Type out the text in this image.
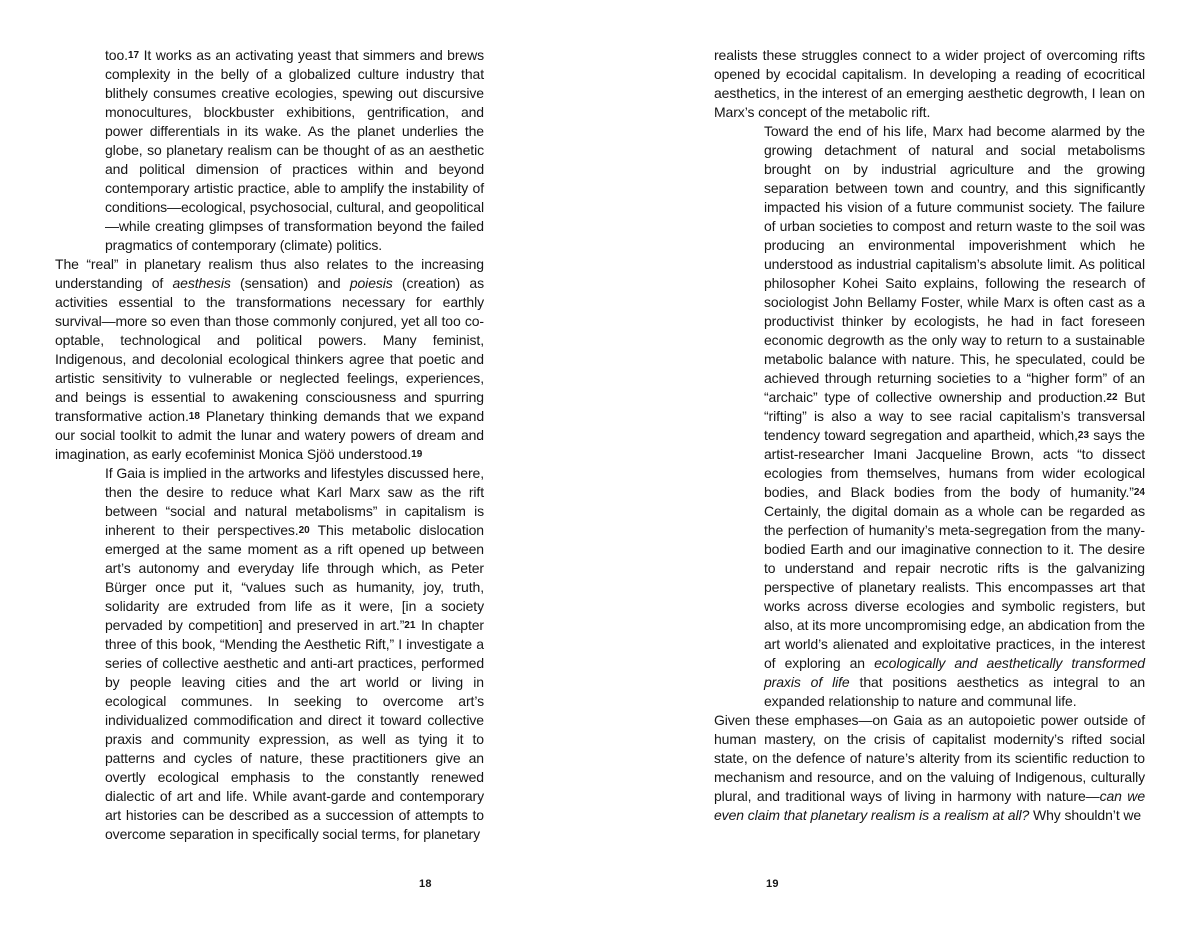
too.$^{17}$ It works as an activating yeast that simmers and brews complexity in the belly of a globalized culture industry that blithely consumes creative ecologies, spewing out discursive monocultures, blockbuster exhibitions, gentrification, and power differentials in its wake. As the planet underlies the globe, so planetary realism can be thought of as an aesthetic and political dimension of practices within and beyond contemporary artistic practice, able to amplify the instability of conditions—ecological, psychosocial, cultural, and geopolitical—while creating glimpses of transformation beyond the failed pragmatics of contemporary (climate) politics.

The “real” in planetary realism thus also relates to the increasing understanding of aesthesis (sensation) and poiesis (creation) as activities essential to the transformations necessary for earthly survival—more so even than those commonly conjured, yet all too co-optable, technological and political powers. Many feminist, Indigenous, and decolonial ecological thinkers agree that poetic and artistic sensitivity to vulnerable or neglected feelings, experiences, and beings is essential to awakening consciousness and spurring transformative action.$^{18}$ Planetary thinking demands that we expand our social toolkit to admit the lunar and watery powers of dream and imagination, as early ecofeminist Monica Sjöö understood.$^{19}$

If Gaia is implied in the artworks and lifestyles discussed here, then the desire to reduce what Karl Marx saw as the rift between “social and natural metabolisms” in capitalism is inherent to their perspectives.$^{20}$ This metabolic dislocation emerged at the same moment as a rift opened up between art’s autonomy and everyday life through which, as Peter Bürger once put it, “values such as humanity, joy, truth, solidarity are extruded from life as it were, [in a society pervaded by competition] and preserved in art.”$^{21}$ In chapter three of this book, “Mending the Aesthetic Rift,” I investigate a series of collective aesthetic and anti-art practices, performed by people leaving cities and the art world or living in ecological communes. In seeking to overcome art’s individualized commodification and direct it toward collective praxis and community expression, as well as tying it to patterns and cycles of nature, these practitioners give an overtly ecological emphasis to the constantly renewed dialectic of art and life. While avant-garde and contemporary art histories can be described as a succession of attempts to overcome separation in specifically social terms, for planetary

realists these struggles connect to a wider project of overcoming rifts opened by ecocidal capitalism. In developing a reading of ecocritical aesthetics, in the interest of an emerging aesthetic degrowth, I lean on Marx’s concept of the metabolic rift.

Toward the end of his life, Marx had become alarmed by the growing detachment of natural and social metabolisms brought on by industrial agriculture and the growing separation between town and country, and this significantly impacted his vision of a future communist society. The failure of urban societies to compost and return waste to the soil was producing an environmental impoverishment which he understood as industrial capitalism’s absolute limit. As political philosopher Kohei Saito explains, following the research of sociologist John Bellamy Foster, while Marx is often cast as a productivist thinker by ecologists, he had in fact foreseen economic degrowth as the only way to return to a sustainable metabolic balance with nature. This, he speculated, could be achieved through returning societies to a “higher form” of an “archaic” type of collective ownership and production.$^{22}$ But “rifting” is also a way to see racial capitalism’s transversal tendency toward segregation and apartheid, which,$^{23}$ says the artist-researcher Imani Jacqueline Brown, acts “to dissect ecologies from themselves, humans from wider ecological bodies, and Black bodies from the body of humanity.”$^{24}$ Certainly, the digital domain as a whole can be regarded as the perfection of humanity’s meta-segregation from the many-bodied Earth and our imaginative connection to it. The desire to understand and repair necrotic rifts is the galvanizing perspective of planetary realists. This encompasses art that works across diverse ecologies and symbolic registers, but also, at its more uncompromising edge, an abdication from the art world’s alienated and exploitative practices, in the interest of exploring an ecologically and aesthetically transformed praxis of life that positions aesthetics as integral to an expanded relationship to nature and communal life.

Given these emphases—on Gaia as an autopoietic power outside of human mastery, on the crisis of capitalist modernity’s rifted social state, on the defence of nature’s alterity from its scientific reduction to mechanism and resource, and on the valuing of Indigenous, culturally plural, and traditional ways of living in harmony with nature—can we even claim that planetary realism is a realism at all? Why shouldn’t we

18	19
